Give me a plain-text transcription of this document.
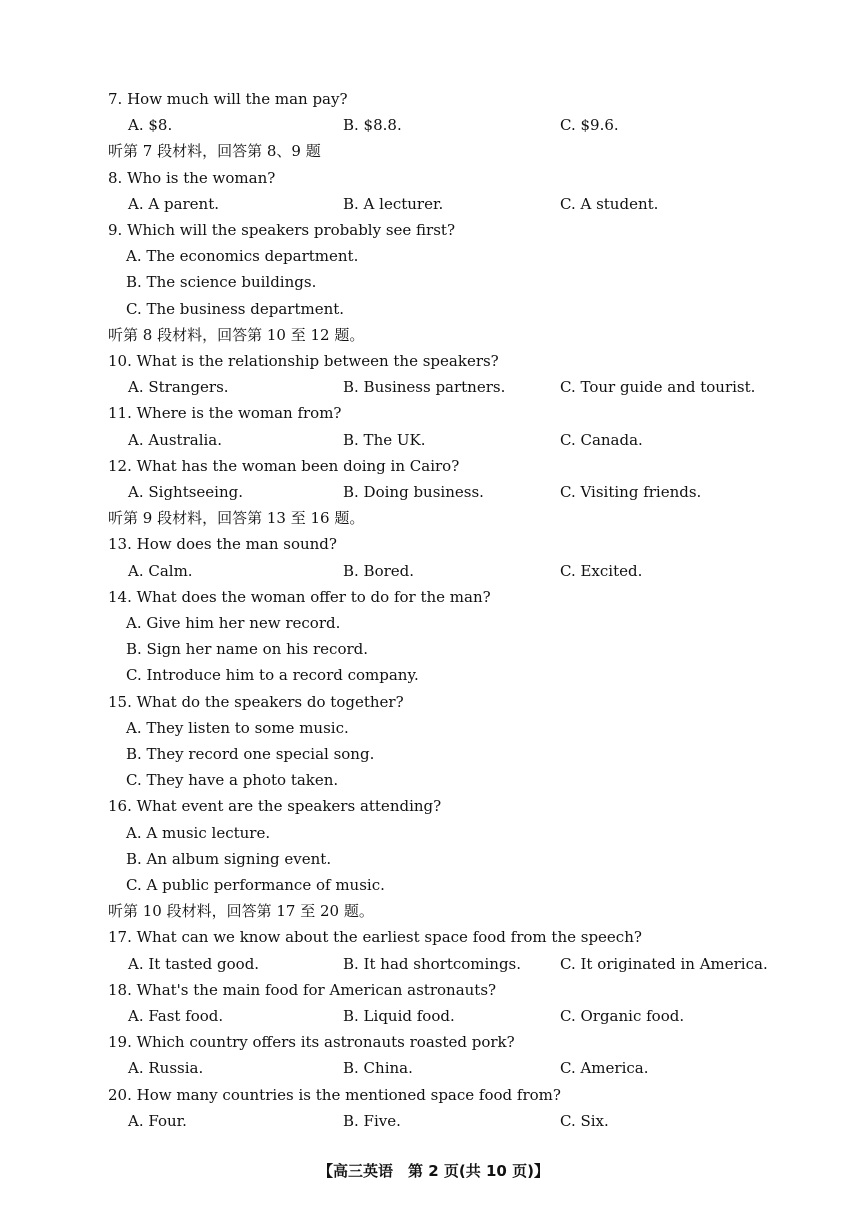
7. How much will the man pay?
A. $8.	B. $8.8.	C. $9.6.
听第 7 段材料，回答第 8、9 题
8. Who is the woman?
A. A parent.	B. A lecturer.	C. A student.
9. Which will the speakers probably see first?
A. The economics department.
B. The science buildings.
C. The business department.
听第 8 段材料，回答第 10 至 12 题。
10. What is the relationship between the speakers?
A. Strangers.	B. Business partners.	C. Tour guide and tourist.
11. Where is the woman from?
A. Australia.	B. The UK.	C. Canada.
12. What has the woman been doing in Cairo?
A. Sightseeing.	B. Doing business.	C. Visiting friends.
听第 9 段材料，回答第 13 至 16 题。
13. How does the man sound?
A. Calm.	B. Bored.	C. Excited.
14. What does the woman offer to do for the man?
A. Give him her new record.
B. Sign her name on his record.
C. Introduce him to a record company.
15. What do the speakers do together?
A. They listen to some music.
B. They record one special song.
C. They have a photo taken.
16. What event are the speakers attending?
A. A music lecture.
B. An album signing event.
C. A public performance of music.
听第 10 段材料，回答第 17 至 20 题。
17. What can we know about the earliest space food from the speech?
A. It tasted good.	B. It had shortcomings.	C. It originated in America.
18. What's the main food for American astronauts?
A. Fast food.	B. Liquid food.	C. Organic food.
19. Which country offers its astronauts roasted pork?
A. Russia.	B. China.	C. America.
20. How many countries is the mentioned space food from?
A. Four.	B. Five.	C. Six.
【高三英语　第 2 页(共 10 页)】
